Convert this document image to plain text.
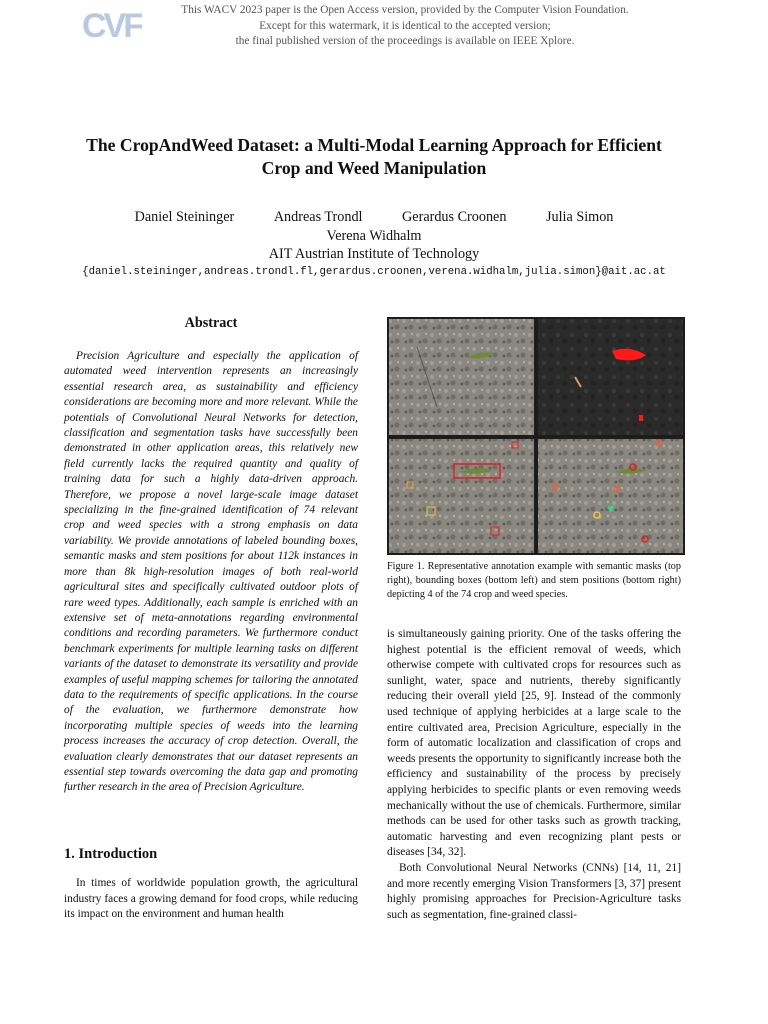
CVF	This WACV 2023 paper is the Open Access version, provided by the Computer Vision Foundation.
Except for this watermark, it is identical to the accepted version;
the final published version of the proceedings is available on IEEE Xplore.
The CropAndWeed Dataset: a Multi-Modal Learning Approach for Efficient
Crop and Weed Manipulation
Daniel Steininger	Andreas Trondl	Gerardus Croonen	Julia Simon
Verena Widhalm
AIT Austrian Institute of Technology
{daniel.steininger,andreas.trondl.fl,gerardus.croonen,verena.widhalm,julia.simon}@ait.ac.at
Abstract

Precision Agriculture and especially the application of automated weed intervention represents an increasingly essential research area, as sustainability and efficiency considerations are becoming more and more relevant. While the potentials of Convolutional Neural Networks for detection, classification and segmentation tasks have successfully been demonstrated in other application areas, this relatively new field currently lacks the required quantity and quality of training data for such a highly data-driven approach. Therefore, we propose a novel large-scale image dataset specializing in the fine-grained identification of 74 relevant crop and weed species with a strong emphasis on data variability. We provide annotations of labeled bounding boxes, semantic masks and stem positions for about 112k instances in more than 8k high-resolution images of both real-world agricultural sites and specifically cultivated outdoor plots of rare weed types. Additionally, each sample is enriched with an extensive set of meta-annotations regarding environmental conditions and recording parameters. We furthermore conduct benchmark experiments for multiple learning tasks on different variants of the dataset to demonstrate its versatility and provide examples of useful mapping schemes for tailoring the annotated data to the requirements of specific applications. In the course of the evaluation, we furthermore demonstrate how incorporating multiple species of weeds into the learning process increases the accuracy of crop detection. Overall, the evaluation clearly demonstrates that our dataset represents an essential step towards overcoming the data gap and promoting further research in the area of Precision Agriculture.

1. Introduction

In times of worldwide population growth, the agricultural industry faces a growing demand for food crops, while reducing its impact on the environment and human health

Figure 1. Representative annotation example with semantic masks (top right), bounding boxes (bottom left) and stem positions (bottom right) depicting 4 of the 74 crop and weed species.

is simultaneously gaining priority. One of the tasks offering the highest potential is the efficient removal of weeds, which otherwise compete with cultivated crops for resources such as sunlight, water, space and nutrients, thereby significantly reducing their overall yield [25, 9]. Instead of the commonly used technique of applying herbicides at a large scale to the entire cultivated area, Precision Agriculture, especially in the form of automatic localization and classification of crops and weeds presents the opportunity to significantly increase both the efficiency and sustainability of the process by precisely applying herbicides to specific plants or even removing weeds mechanically without the use of chemicals. Furthermore, similar methods can be used for other tasks such as growth tracking, automatic harvesting and even recognizing plant pests or diseases [34, 32].

Both Convolutional Neural Networks (CNNs) [14, 11, 21] and more recently emerging Vision Transformers [3, 37] present highly promising approaches for Precision-Agriculture tasks such as segmentation, fine-grained classi-
